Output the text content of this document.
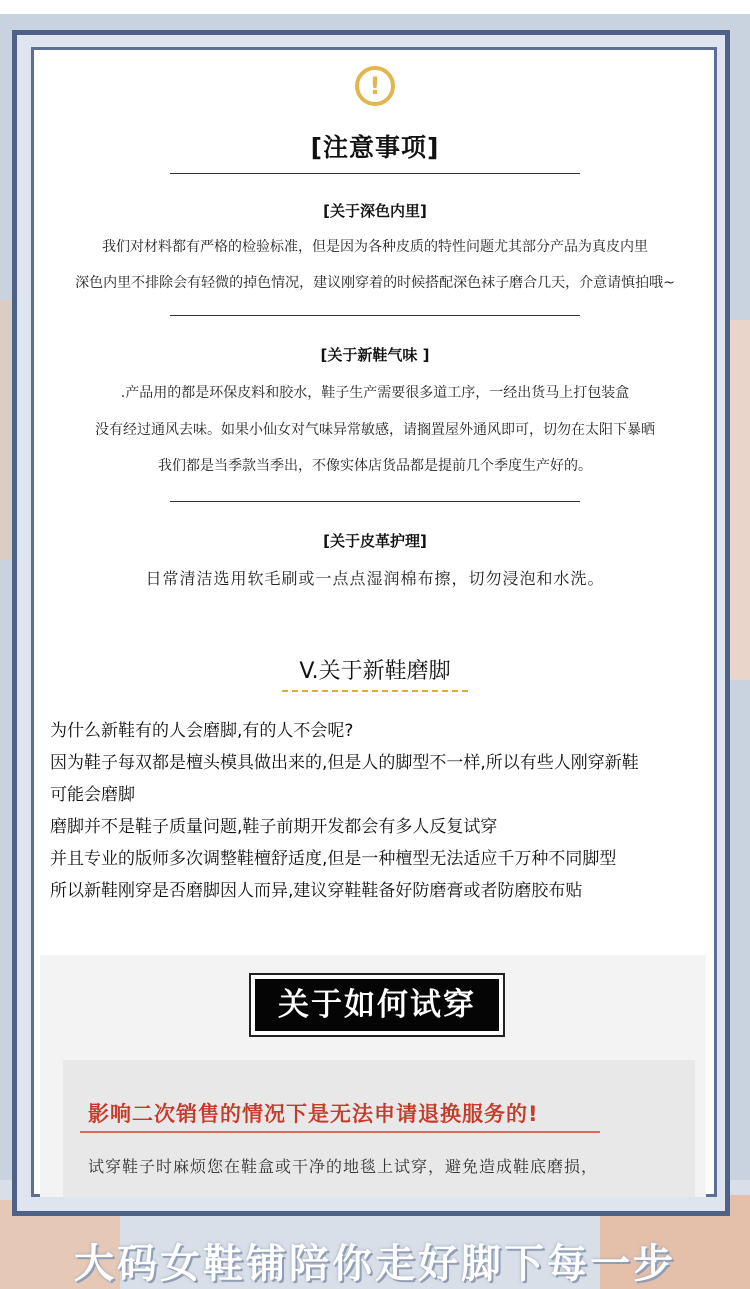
!
[注意事项]
[关于深色内里]
我们对材料都有严格的检验标准，但是因为各种皮质的特性问题尤其部分产品为真皮内里
深色内里不排除会有轻微的掉色情况，建议刚穿着的时候搭配深色袜子磨合几天，介意请慎拍哦~
[关于新鞋气味 ]
.产品用的都是环保皮料和胶水，鞋子生产需要很多道工序，一经出货马上打包装盒
没有经过通风去味。如果小仙女对气味异常敏感，请搁置屋外通风即可，切勿在太阳下暴晒
我们都是当季款当季出，不像实体店货品都是提前几个季度生产好的。
[关于皮革护理]
日常清洁选用软毛刷或一点点湿润棉布擦，切勿浸泡和水洗。
V.关于新鞋磨脚
为什么新鞋有的人会磨脚,有的人不会呢?
因为鞋子每双都是檀头模具做出来的,但是人的脚型不一样,所以有些人刚穿新鞋
可能会磨脚
磨脚并不是鞋子质量问题,鞋子前期开发都会有多人反复试穿
并且专业的版师多次调整鞋檀舒适度,但是一种檀型无法适应千万种不同脚型
所以新鞋刚穿是否磨脚因人而异,建议穿鞋鞋备好防磨膏或者防磨胶布贴
关于如何试穿
影响二次销售的情况下是无法申请退换服务的!
试穿鞋子时麻烦您在鞋盒或干净的地毯上试穿，避免造成鞋底磨损，
大码女鞋铺陪你走好脚下每一步
